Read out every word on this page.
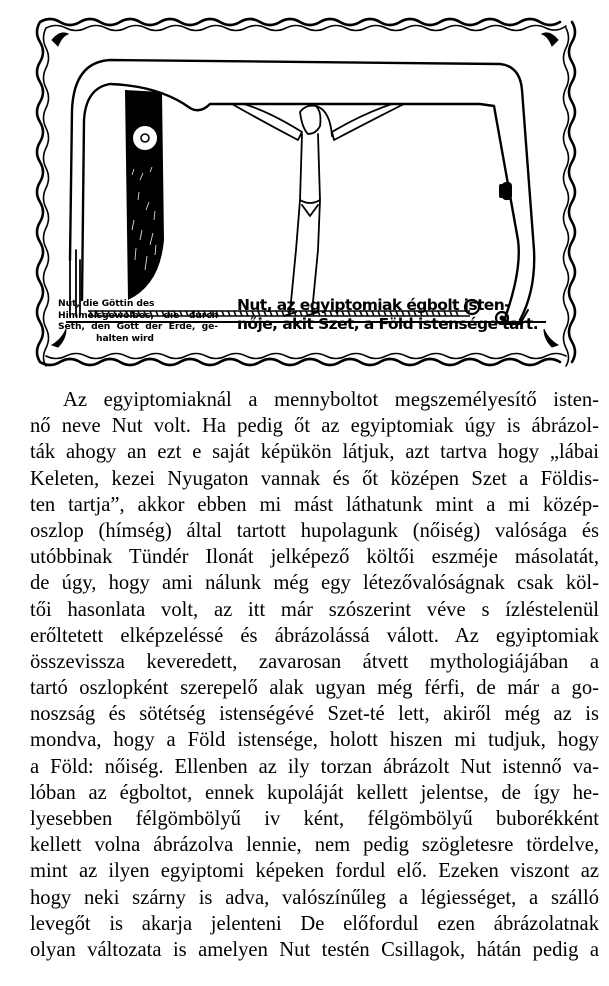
Nut, die Göttin des
Himmelsgewölbes, die durch
Seth, den Gott der Erde, ge-
halten wird
Nut, az egyiptomiak égbolt isten-
nője, akit Szet, a Föld istensége tart.
Az egyiptomiaknál a mennyboltot megszemélyesítő isten-
nő neve Nut volt. Ha pedig őt az egyiptomiak úgy is ábrázol-
ták ahogy an ezt e saját képükön látjuk, azt tartva hogy „lábai
Keleten, kezei Nyugaton vannak és őt középen Szet a Földis-
ten tartja”, akkor ebben mi mást láthatunk mint a mi közép-
oszlop (hímség) által tartott hupolagunk (nőiség) valósága és
utóbbinak Tündér Ilonát jelképező költői eszméje másolatát,
de úgy, hogy ami nálunk még egy létezővalóságnak csak köl-
tői hasonlata volt, az itt már szószerint véve s ízléstelenül
erőltetett elképzeléssé és ábrázolássá válott. Az egyiptomiak
összevissza keveredett, zavarosan átvett mythologiájában a
tartó oszlopként szerepelő alak ugyan még férfi, de már a go-
noszság és sötétség istenségévé Szet-té lett, akiről még az is
mondva, hogy a Föld istensége, holott hiszen mi tudjuk, hogy
a Föld: nőiség. Ellenben az ily torzan ábrázolt Nut istennő va-
lóban az égboltot, ennek kupoláját kellett jelentse, de így he-
lyesebben félgömbölyű iv ként, félgömbölyű buborékként
kellett volna ábrázolva lennie, nem pedig szögletesre tördelve,
mint az ilyen egyiptomi képeken fordul elő. Ezeken viszont az
hogy neki szárny is adva, valószínűleg a légiességet, a szálló
levegőt is akarja jelenteni De előfordul ezen ábrázolatnak
olyan változata is amelyen Nut testén Csillagok, hátán pedig a
